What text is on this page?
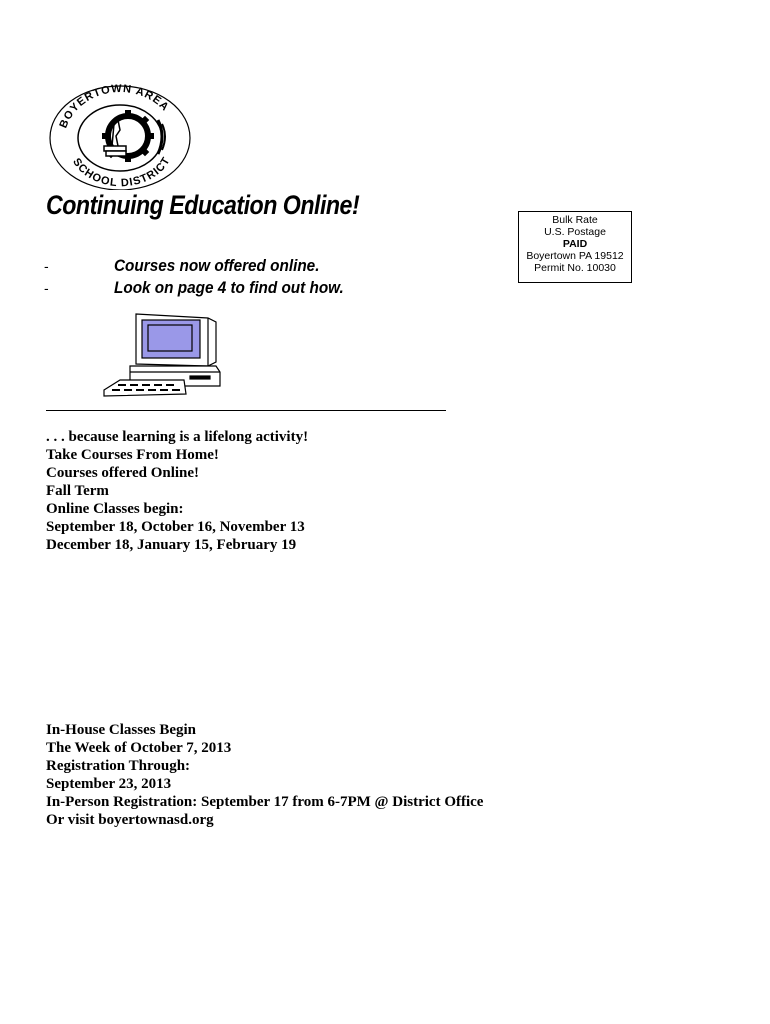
BOYERTOWN AREA
SCHOOL DISTRICT
Continuing Education Online!
-	Courses now offered online.
-	Look on page 4 to find out how.
Bulk Rate
U.S. Postage
PAID
Boyertown PA 19512
Permit No. 10030
. . . because learning is a lifelong activity!
Take Courses From Home!
Courses offered Online!
Fall Term
Online Classes begin:
September 18, October 16, November 13
December 18, January 15, February 19
In-House Classes Begin
The Week of October 7, 2013
Registration Through:
September 23, 2013
In-Person Registration: September 17 from 6-7PM @ District Office
Or visit boyertownasd.org
